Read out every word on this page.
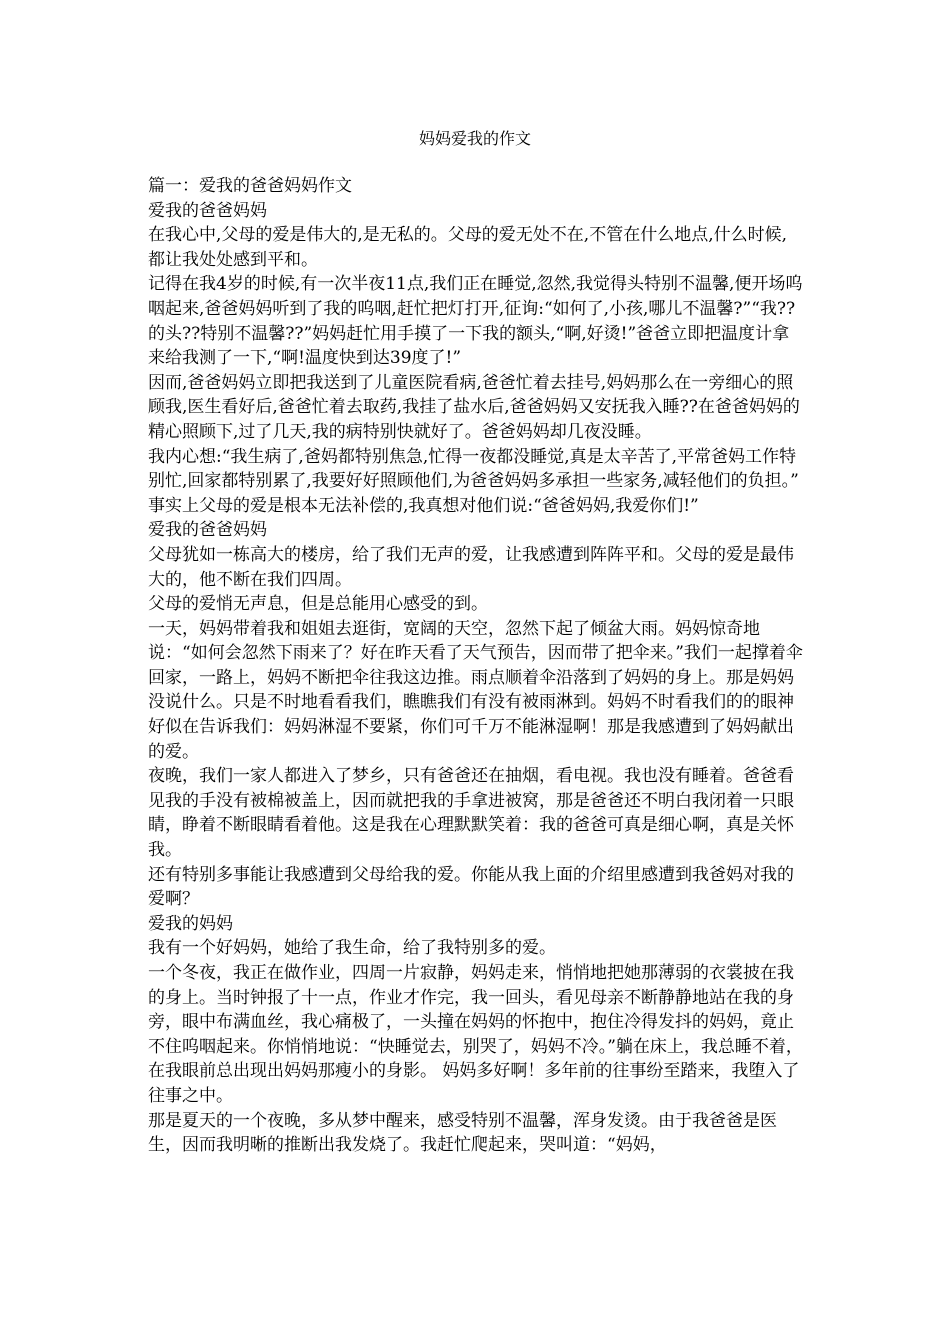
妈妈爱我的作文

篇一：爱我的爸爸妈妈作文

爱我的爸爸妈妈

在我心中,父母的爱是伟大的,是无私的。父母的爱无处不在,不管在什么地点,什么时候,都让我处处感到平和。

记得在我4岁的时候,有一次半夜11点,我们正在睡觉,忽然,我觉得头特别不温馨,便开场呜咽起来,爸爸妈妈听到了我的呜咽,赶忙把灯打开,征询:“如何了,小孩,哪儿不温馨?”“我??的头??特别不温馨??”妈妈赶忙用手摸了一下我的额头,“啊,好烫!”爸爸立即把温度计拿来给我测了一下,“啊!温度快到达39度了!”

因而,爸爸妈妈立即把我送到了儿童医院看病,爸爸忙着去挂号,妈妈那么在一旁细心的照顾我,医生看好后,爸爸忙着去取药,我挂了盐水后,爸爸妈妈又安抚我入睡??在爸爸妈妈的精心照顾下,过了几天,我的病特别快就好了。爸爸妈妈却几夜没睡。

我内心想:“我生病了,爸妈都特别焦急,忙得一夜都没睡觉,真是太辛苦了,平常爸妈工作特别忙,回家都特别累了,我要好好照顾他们,为爸爸妈妈多承担一些家务,减轻他们的负担。”

事实上父母的爱是根本无法补偿的,我真想对他们说:“爸爸妈妈,我爱你们!”

爱我的爸爸妈妈

父母犹如一栋高大的楼房，给了我们无声的爱，让我感遭到阵阵平和。父母的爱是最伟大的，他不断在我们四周。

父母的爱悄无声息，但是总能用心感受的到。

一天，妈妈带着我和姐姐去逛街，宽阔的天空，忽然下起了倾盆大雨。妈妈惊奇地说：“如何会忽然下雨来了？好在昨天看了天气预告，因而带了把伞来。”我们一起撑着伞回家，一路上，妈妈不断把伞往我这边推。雨点顺着伞沿落到了妈妈的身上。那是妈妈没说什么。只是不时地看看我们，瞧瞧我们有没有被雨淋到。妈妈不时看我们的的眼神好似在告诉我们：妈妈淋湿不要紧，你们可千万不能淋湿啊！那是我感遭到了妈妈献出的爱。

夜晚，我们一家人都进入了梦乡，只有爸爸还在抽烟，看电视。我也没有睡着。爸爸看见我的手没有被棉被盖上，因而就把我的手拿进被窝，那是爸爸还不明白我闭着一只眼睛，睁着不断眼睛看着他。这是我在心理默默笑着：我的爸爸可真是细心啊，真是关怀我。

还有特别多事能让我感遭到父母给我的爱。你能从我上面的介绍里感遭到我爸妈对我的爱啊？

爱我的妈妈

我有一个好妈妈，她给了我生命，给了我特别多的爱。

一个冬夜，我正在做作业，四周一片寂静，妈妈走来，悄悄地把她那薄弱的衣裳披在我的身上。当时钟报了十一点，作业才作完，我一回头，看见母亲不断静静地站在我的身旁，眼中布满血丝，我心痛极了，一头撞在妈妈的怀抱中，抱住冷得发抖的妈妈，竟止不住呜咽起来。你悄悄地说：“快睡觉去，别哭了，妈妈不冷。”躺在床上，我总睡不着，在我眼前总出现出妈妈那瘦小的身影。 妈妈多好啊！多年前的往事纷至踏来，我堕入了往事之中。

那是夏天的一个夜晚，多从梦中醒来，感受特别不温馨，浑身发烫。由于我爸爸是医生，因而我明晰的推断出我发烧了。我赶忙爬起来，哭叫道：“妈妈，
